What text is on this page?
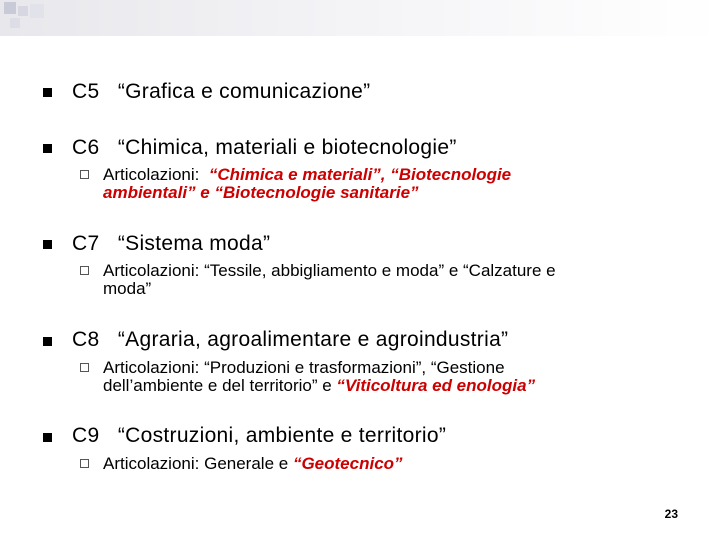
C5 “Grafica e comunicazione”
C6 “Chimica, materiali e biotecnologie”
Articolazioni: “Chimica e materiali”, “Biotecnologie
ambientali” e “Biotecnologie sanitarie”
C7 “Sistema moda”
Articolazioni: “Tessile, abbigliamento e moda” e “Calzature e
moda”
C8 “Agraria, agroalimentare e agroindustria”
Articolazioni: “Produzioni e trasformazioni”, “Gestione
dell’ambiente e del territorio” e “Viticoltura ed enologia”
C9 “Costruzioni, ambiente e territorio”
Articolazioni: Generale e “Geotecnico”
23
